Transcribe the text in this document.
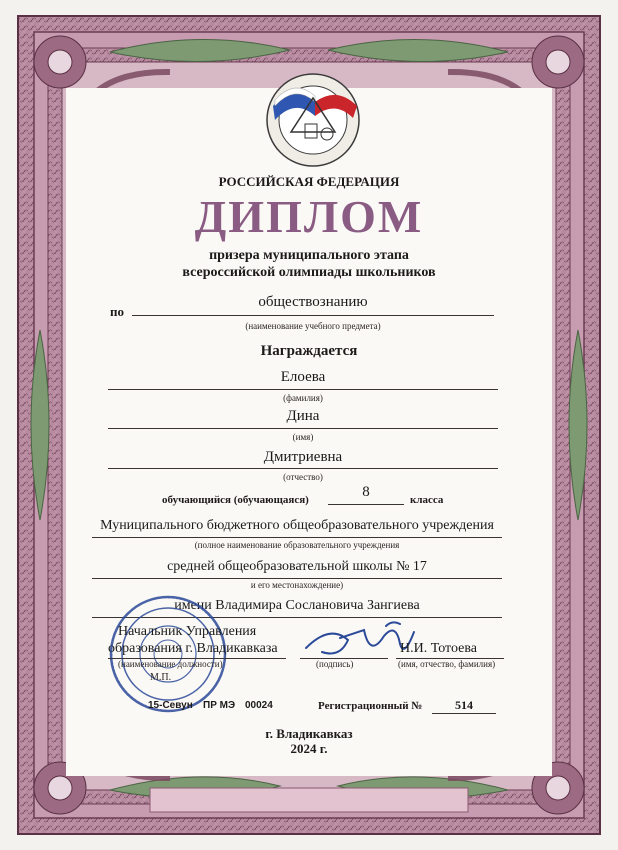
РОССИЙСКАЯ ФЕДЕРАЦИЯ
ДИПЛОМ
призера муниципального этапа
всероссийской олимпиады школьников
по
обществознанию
(наименование учебного предмета)
Награждается
Елоева
(фамилия)
Дина
(имя)
Дмитриевна
(отчество)
обучающийся (обучающаяся)	8	класса
Муниципального бюджетного общеобразовательного учреждения
(полное наименование образовательного учреждения
средней общеобразовательной школы № 17
и его местонахождение)
имени Владимира Сослановича Зангиева
Начальник Управления
образования г. Владикавказа
(наименование должности)	(подпись)
Н.И. Тотоева
(имя, отчество, фамилия)
М.П.
15-Севун ПР МЭ 00024	Регистрационный №	514
г. Владикавказ
2024 г.
